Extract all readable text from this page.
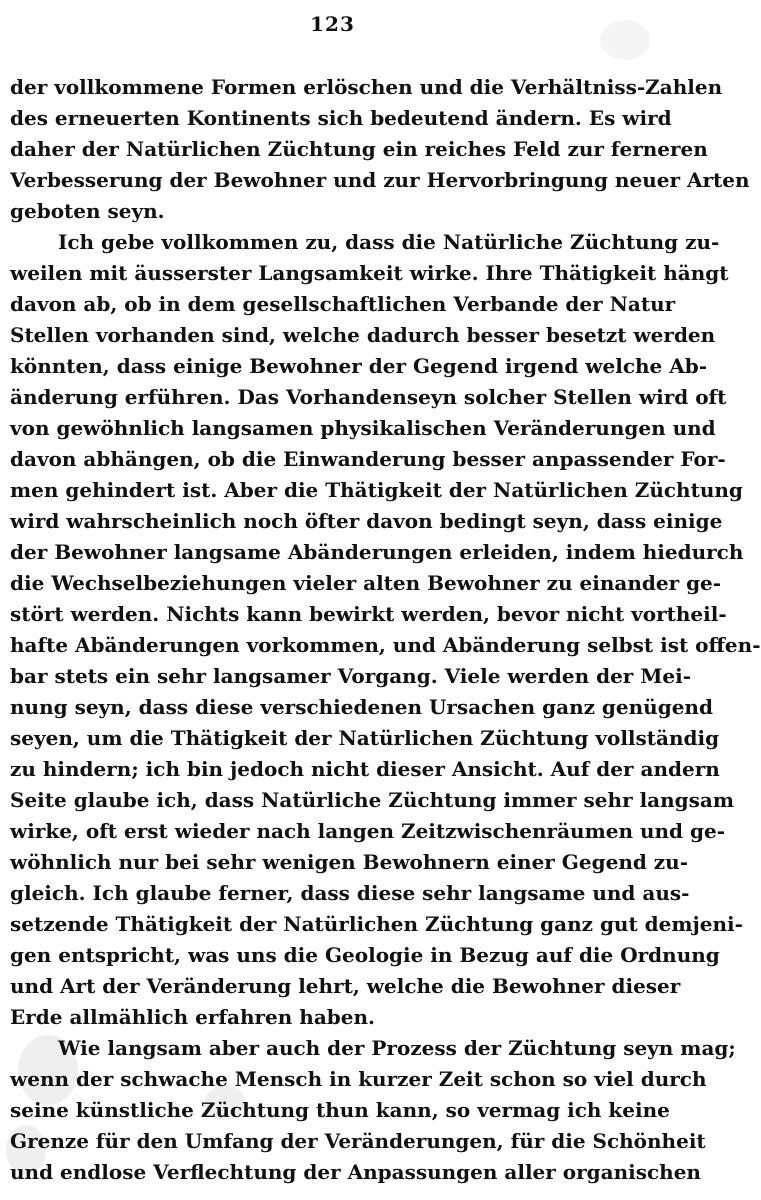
123
der vollkommene Formen erlöschen und die Verhältniss-Zahlen
des erneuerten Kontinents sich bedeutend ändern. Es wird
daher der Natürlichen Züchtung ein reiches Feld zur ferneren
Verbesserung der Bewohner und zur Hervorbringung neuer Arten
geboten seyn.
Ich gebe vollkommen zu, dass die Natürliche Züchtung zu-
weilen mit äusserster Langsamkeit wirke. Ihre Thätigkeit hängt
davon ab, ob in dem gesellschaftlichen Verbande der Natur
Stellen vorhanden sind, welche dadurch besser besetzt werden
könnten, dass einige Bewohner der Gegend irgend welche Ab-
änderung erführen. Das Vorhandenseyn solcher Stellen wird oft
von gewöhnlich langsamen physikalischen Veränderungen und
davon abhängen, ob die Einwanderung besser anpassender For-
men gehindert ist. Aber die Thätigkeit der Natürlichen Züchtung
wird wahrscheinlich noch öfter davon bedingt seyn, dass einige
der Bewohner langsame Abänderungen erleiden, indem hiedurch
die Wechselbeziehungen vieler alten Bewohner zu einander ge-
stört werden. Nichts kann bewirkt werden, bevor nicht vortheil-
hafte Abänderungen vorkommen, und Abänderung selbst ist offen-
bar stets ein sehr langsamer Vorgang. Viele werden der Mei-
nung seyn, dass diese verschiedenen Ursachen ganz genügend
seyen, um die Thätigkeit der Natürlichen Züchtung vollständig
zu hindern; ich bin jedoch nicht dieser Ansicht. Auf der andern
Seite glaube ich, dass Natürliche Züchtung immer sehr langsam
wirke, oft erst wieder nach langen Zeitzwischenräumen und ge-
wöhnlich nur bei sehr wenigen Bewohnern einer Gegend zu-
gleich. Ich glaube ferner, dass diese sehr langsame und aus-
setzende Thätigkeit der Natürlichen Züchtung ganz gut demjeni-
gen entspricht, was uns die Geologie in Bezug auf die Ordnung
und Art der Veränderung lehrt, welche die Bewohner dieser
Erde allmählich erfahren haben.
Wie langsam aber auch der Prozess der Züchtung seyn mag;
wenn der schwache Mensch in kurzer Zeit schon so viel durch
seine künstliche Züchtung thun kann, so vermag ich keine
Grenze für den Umfang der Veränderungen, für die Schönheit
und endlose Verflechtung der Anpassungen aller organischen
